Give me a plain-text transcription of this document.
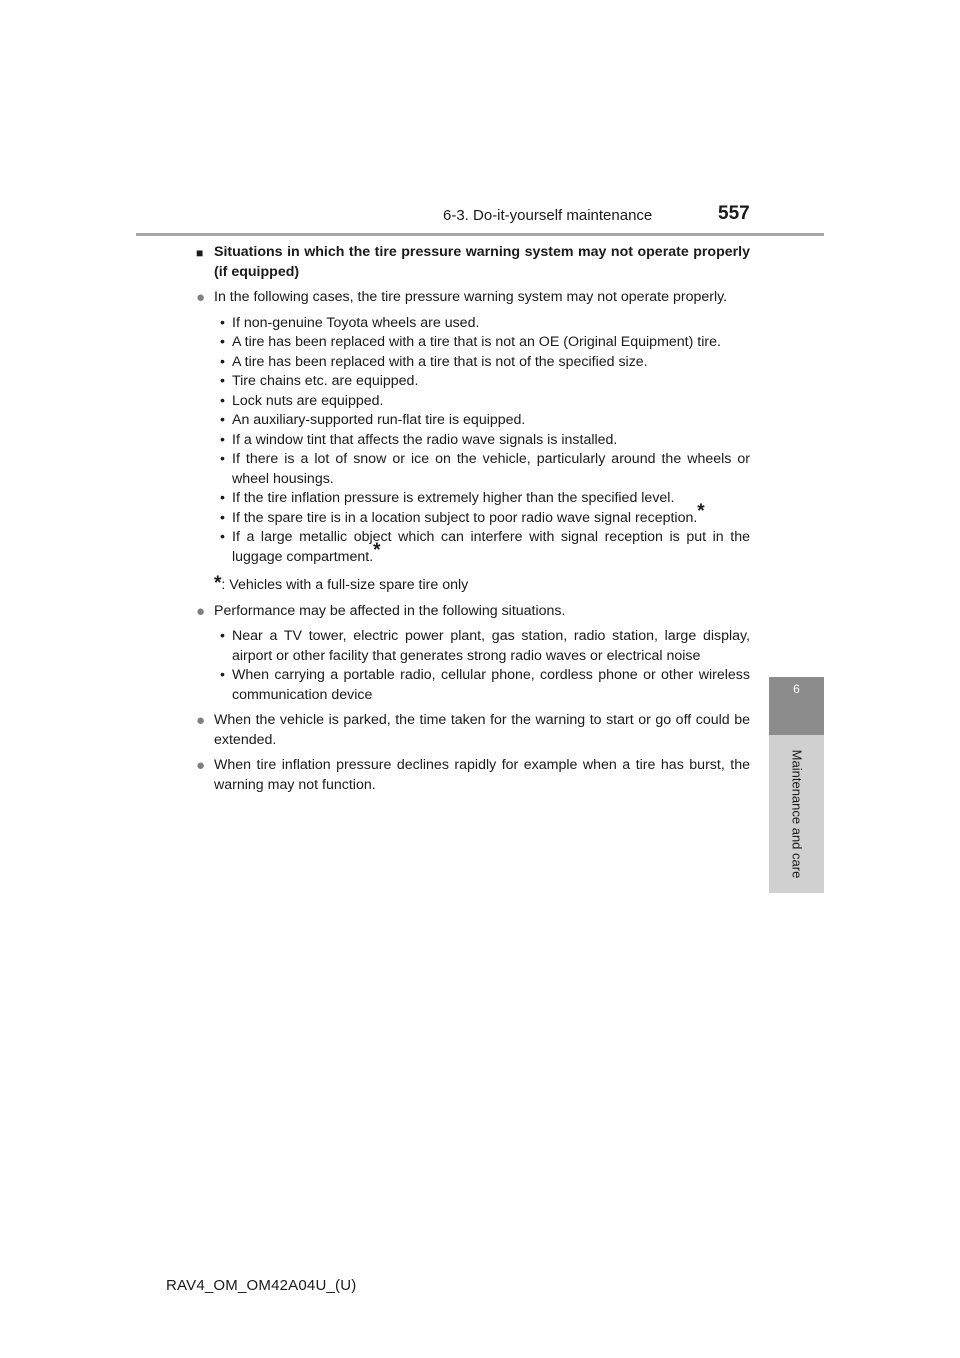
6-3. Do-it-yourself maintenance	557
6
Maintenance and care
■ Situations in which the tire pressure warning system may not operate properly (if equipped)
● In the following cases, the tire pressure warning system may not operate properly.
• If non-genuine Toyota wheels are used.
• A tire has been replaced with a tire that is not an OE (Original Equipment) tire.
• A tire has been replaced with a tire that is not of the specified size.
• Tire chains etc. are equipped.
• Lock nuts are equipped.
• An auxiliary-supported run-flat tire is equipped.
• If a window tint that affects the radio wave signals is installed.
• If there is a lot of snow or ice on the vehicle, particularly around the wheels or wheel housings.
• If the tire inflation pressure is extremely higher than the specified level.
• If the spare tire is in a location subject to poor radio wave signal reception.*
• If a large metallic object which can interfere with signal reception is put in the luggage compartment.*
*: Vehicles with a full-size spare tire only
● Performance may be affected in the following situations.
• Near a TV tower, electric power plant, gas station, radio station, large display, airport or other facility that generates strong radio waves or electrical noise
• When carrying a portable radio, cellular phone, cordless phone or other wireless communication device
● When the vehicle is parked, the time taken for the warning to start or go off could be extended.
● When tire inflation pressure declines rapidly for example when a tire has burst, the warning may not function.
RAV4_OM_OM42A04U_(U)
